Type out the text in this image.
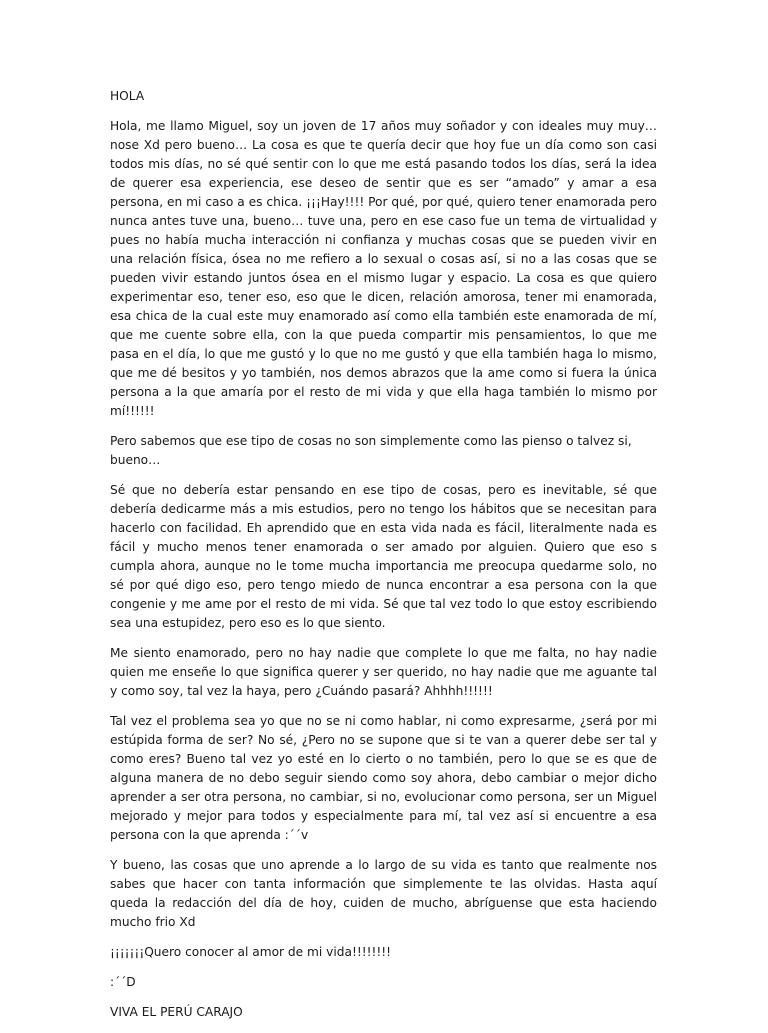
HOLA

Hola, me llamo Miguel, soy un joven de 17 años muy soñador y con ideales muy muy… nose Xd pero bueno… La cosa es que te quería decir que hoy fue un día como son casi todos mis días, no sé qué sentir con lo que me está pasando todos los días, será la idea de querer esa experiencia, ese deseo de sentir que es ser “amado” y amar a esa persona, en mi caso a es chica. ¡¡¡Hay!!!! Por qué, por qué, quiero tener enamorada pero nunca antes tuve una, bueno… tuve una, pero en ese caso fue un tema de virtualidad y pues no había mucha interacción ni confianza y muchas cosas que se pueden vivir en una relación física, ósea no me refiero a lo sexual o cosas así, si no a las cosas que se pueden vivir estando juntos ósea en el mismo lugar y espacio. La cosa es que quiero experimentar eso, tener eso, eso que le dicen, relación amorosa, tener mi enamorada, esa chica de la cual este muy enamorado así como ella también este enamorada de mí, que me cuente sobre ella, con la que pueda compartir mis pensamientos, lo que me pasa en el día, lo que me gustó y lo que no me gustó y que ella también haga lo mismo, que me dé besitos y yo también, nos demos abrazos que la ame como si fuera la única persona a la que amaría por el resto de mi vida y que ella haga también lo mismo por mí!!!!!!

Pero sabemos que ese tipo de cosas no son simplemente como las pienso o talvez si, bueno…

Sé que no debería estar pensando en ese tipo de cosas, pero es inevitable, sé que debería dedicarme más a mis estudios, pero no tengo los hábitos que se necesitan para hacerlo con facilidad. Eh aprendido que en esta vida nada es fácil, literalmente nada es fácil y mucho menos tener enamorada o ser amado por alguien. Quiero que eso s cumpla ahora, aunque no le tome mucha importancia me preocupa quedarme solo, no sé por qué digo eso, pero tengo miedo de nunca encontrar a esa persona con la que congenie y me ame por el resto de mi vida. Sé que tal vez todo lo que estoy escribiendo sea una estupidez, pero eso es lo que siento.

Me siento enamorado, pero no hay nadie que complete lo que me falta, no hay nadie quien me enseñe lo que significa querer y ser querido, no hay nadie que me aguante tal y como soy, tal vez la haya, pero ¿Cuándo pasará? Ahhhh!!!!!!

Tal vez el problema sea yo que no se ni como hablar, ni como expresarme, ¿será por mi estúpida forma de ser? No sé, ¿Pero no se supone que si te van a querer debe ser tal y como eres? Bueno tal vez yo esté en lo cierto o no también, pero lo que se es que de alguna manera de no debo seguir siendo como soy ahora, debo cambiar o mejor dicho aprender a ser otra persona, no cambiar, si no, evolucionar como persona, ser un Miguel mejorado y mejor para todos y especialmente para mí, tal vez así si encuentre a esa persona con la que aprenda :´´v

Y bueno, las cosas que uno aprende a lo largo de su vida es tanto que realmente nos sabes que hacer con tanta información que simplemente te las olvidas. Hasta aquí queda la redacción del día de hoy, cuiden de mucho, abríguense que esta haciendo mucho frio Xd

¡¡¡¡¡¡¡Quero conocer al amor de mi vida!!!!!!!!

:´´D

VIVA EL PERÚ CARAJO
